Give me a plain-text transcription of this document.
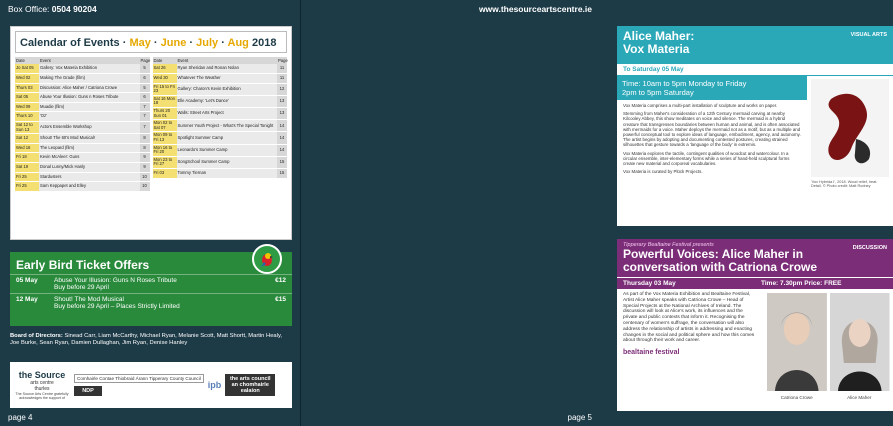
Box Office: 0504 90204
Calendar of Events · May · June · July · Aug 2018
Date	Event	Page
Jo Sat 05	Gallery: Vox Materia Exhibition	5
Wed 02	Making The Grade (film)	6
Thurs 03	Discussion: Alice Maher / Catriona Crowe	5
Sat 05	Abuse Your Illusion: Guns n Roses Tribute	6
Wed 09	Muadie (film)	7
Thurs 10	'Oz'	7
Sat 12 to Sun 13	Actors Ensemble Workshop	7
Sat 12	Shout! The 60's Mod Musical!	8
Wed 16	The Leopard (film)	8
Fri 18	Kevin McAleer: Guns	9
Sat 19	Donal Lunny/Mick Hanly	9
Fri 25	Stardusters	10
Fri 25	Sam Keppapet and Elley	10
Date	Event	Page
Sat 26	Ryan Sheridan and Ronan Nolan	11
Wed 30	Whatever The Weather	11
Fri 15 to Fri 23	Gallery: Charon's Kevin Exhibition	12
Sat 16 Mon 18	Elle Academy: 'Let's Dance'	13
Thurs 20 Sun 01	Walls: Street Arts Project	13
Mon 02 to Sat 07	Summer Youth Project - What's The Special Tonight	14
Mon 09 to Fri 13	Spotlight Summer Camp	14
Mon 16 to Fri 20	Leonardo's Summer Camp	14
Mon 23 to Fri 27	SongSchool Summer Camp	15
Fri 03	Tommy Tiernan	15
Early Bird Ticket Offers
05 May	Abuse Your Illusion: Guns N Roses Tribute
Buy before 29 April
€12
12 May	Shout! The Mod Musical
Buy before 29 April – Places Strictly Limited
€15
Board of Directors: Sinead Carr, Liam McCarthy, Michael Ryan, Melanie Scott, Matt Shortt, Martin Healy, Joe Burke, Sean Ryan, Damien Dullaghan, Jim Ryan, Denise Hanley
the Source
arts centre
thurles
The Source Arts Centre gratefully acknowledges the support of
Comhairle Contae Thiobraid Árann Tipperary County Council
NDP
ipb
the arts council an chomhairle ealaíon
page 4
www.thesourceartscentre.ie
Alice Maher:
Vox Materia
VISUAL ARTS
To Saturday 05 May
Time: 10am to 5pm Monday to Friday
2pm to 5pm Saturday

Vox Materia comprises a multi-part installation of sculpture and works on paper.

Stemming from Maher's consideration of a 12th Century mermaid carving at nearby Kilcooley Abbey, this show meditates on voice and silence. The mermaid is a hybrid creature that transgresses boundaries between human and animal, and is often associated with mermaids for a voice. Maher deploys the mermaid not as a motif, but as a multiple and powerful conceptual tool to explore ideas of language, embodiment, agency, and autonomy. The artist begins by adopting and documenting contested postures, creating strained silhouettes that gesture towards a 'language of the body' in extremis.

Vox Materia explores the tactile, contingent qualities of woodcut and watercolour. In a circular ensemble, inter-elementary forms while a series of hand-held sculptural forms create new material and corporeal vocabularies.

Vox Materia is curated by Plück Projects.

'Vox Hybrida I', 2018. Wood relief, heat. Detail. © Photo credit: Matt Rodney
Tipperary Bealtaine Festival presents	DISCUSSION
Powerful Voices: Alice Maher in
conversation with Catriona Crowe
Thursday 03 May	Time: 7.30pm Price: FREE
As part of the Vox Materia Exhibition and Bealtaine Festival, Artist Alice Maher speaks with Catriona Crowe – Head of Special Projects at the National Archives of Ireland. The discussion will look at Alice's work, its influences and the private and public contexts that inform it. Recognising the centenary of women's suffrage, the conversation will also address the relationship of artists in addressing and enacting changes in the social and political sphere and how this comes about through their work and career.
bealtaine festival
Catriona Crowe	Alice Maher
page 5
